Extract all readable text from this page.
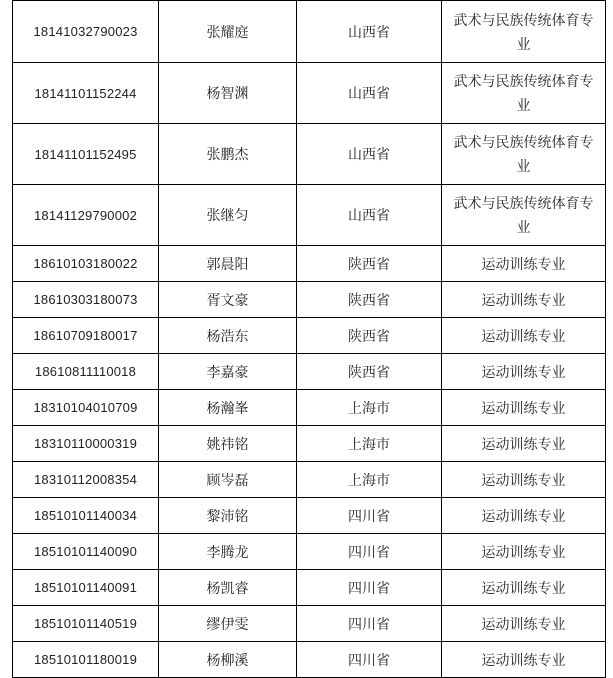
18141032790023	张耀庭	山西省	武术与民族传统体育专业
18141101152244	杨智渊	山西省	武术与民族传统体育专业
18141101152495	张鹏杰	山西省	武术与民族传统体育专业
18141129790002	张继匀	山西省	武术与民族传统体育专业
18610103180022	郭晨阳	陕西省	运动训练专业
18610303180073	胥文豪	陕西省	运动训练专业
18610709180017	杨浩东	陕西省	运动训练专业
18610811110018	李嘉豪	陕西省	运动训练专业
18310104010709	杨瀚峯	上海市	运动训练专业
18310110000319	姚祎铭	上海市	运动训练专业
18310112008354	顾岑磊	上海市	运动训练专业
18510101140034	黎沛铭	四川省	运动训练专业
18510101140090	李腾龙	四川省	运动训练专业
18510101140091	杨凯睿	四川省	运动训练专业
18510101140519	缪伊雯	四川省	运动训练专业
18510101180019	杨柳溪	四川省	运动训练专业
